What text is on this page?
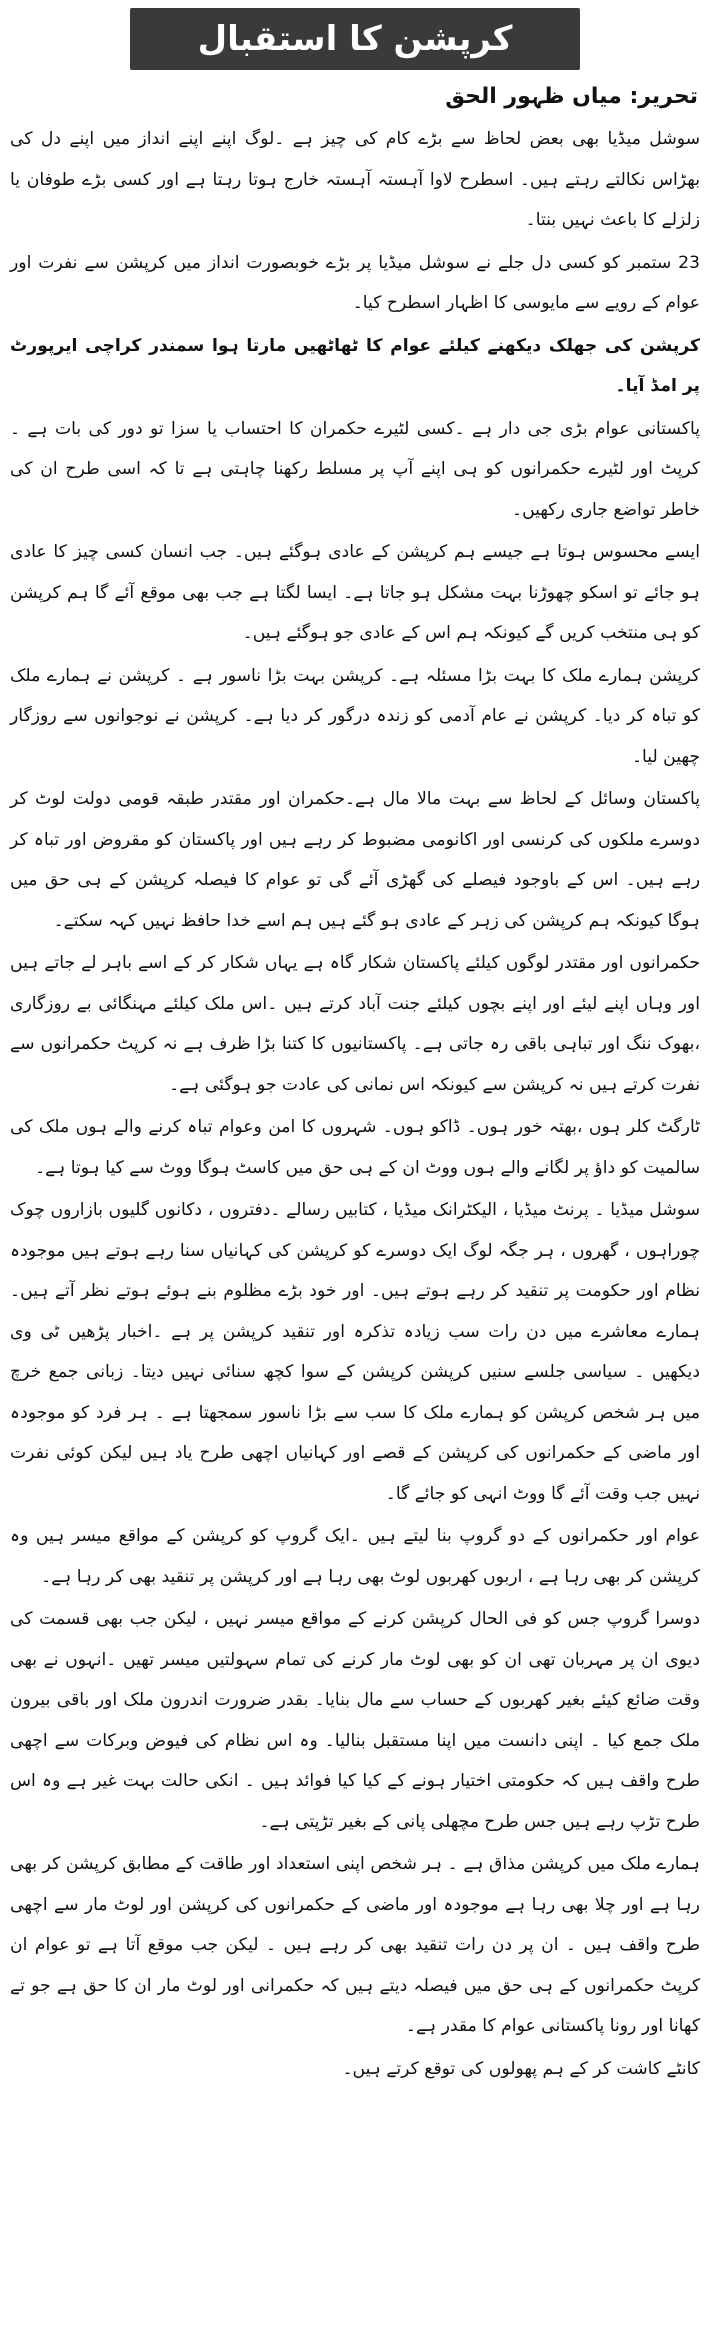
کرپشن کا استقبال
تحریر: میاں ظہور الحق

سوشل میڈیا بھی بعض لحاظ سے بڑے کام کی چیز ہے ۔لوگ اپنے اپنے انداز میں اپنے دل کی بھڑاس نکالتے رہتے ہیں۔ اسطرح لاوا آہستہ آہستہ خارج ہوتا رہتا ہے اور کسی بڑے طوفان یا زلزلے کا باعث نہیں بنتا۔

23 ستمبر کو کسی دل جلے نے سوشل میڈیا پر بڑے خوبصورت انداز میں کرپشن سے نفرت اور عوام کے رویے سے مایوسی کا اظہار اسطرح کیا۔

کرپشن کی جھلک دیکھنے کیلئے عوام کا ٹھاٹھیں مارتا ہوا سمندر کراچی ایرپورٹ پر امڈ آیا۔

پاکستانی عوام بڑی جی دار ہے ۔کسی لٹیرے حکمران کا احتساب یا سزا تو دور کی بات ہے ۔کرپٹ اور لٹیرے حکمرانوں کو ہی اپنے آپ پر مسلط رکھنا چاہتی ہے تا کہ اسی طرح ان کی خاطر تواضع جاری رکھیں۔

ایسے محسوس ہوتا ہے جیسے ہم کرپشن کے عادی ہوگئے ہیں۔ جب انسان کسی چیز کا عادی ہو جائے تو اسکو چھوڑنا بہت مشکل ہو جاتا ہے۔ ایسا لگتا ہے جب بھی موقع آئے گا ہم کرپشن کو ہی منتخب کریں گے کیونکہ ہم اس کے عادی جو ہوگئے ہیں۔

کرپشن ہمارے ملک کا بہت بڑا مسئلہ ہے۔ کرپشن بہت بڑا ناسور ہے ۔ کرپشن نے ہمارے ملک کو تباہ کر دیا۔ کرپشن نے عام آدمی کو زندہ درگور کر دیا ہے۔ کرپشن نے نوجوانوں سے روزگار چھین لیا۔

پاکستان وسائل کے لحاظ سے بہت مالا مال ہے۔حکمران اور مقتدر طبقہ قومی دولت لوٹ کر دوسرے ملکوں کی کرنسی اور اکانومی مضبوط کر رہے ہیں اور پاکستان کو مقروض اور تباہ کر رہے ہیں۔ اس کے باوجود فیصلے کی گھڑی آئے گی تو عوام کا فیصلہ کرپشن کے ہی حق میں ہوگا کیونکہ ہم کرپشن کی زہر کے عادی ہو گئے ہیں ہم اسے خدا حافظ نہیں کہہ سکتے۔

حکمرانوں اور مقتدر لوگوں کیلئے پاکستان شکار گاہ ہے یہاں شکار کر کے اسے باہر لے جاتے ہیں اور وہاں اپنے لیئے اور اپنے بچوں کیلئے جنت آباد کرتے ہیں ۔اس ملک کیلئے مہنگائی بے روزگاری ،بھوک ننگ اور تباہی باقی رہ جاتی ہے۔ پاکستانیوں کا کتنا بڑا ظرف ہے نہ کرپٹ حکمرانوں سے نفرت کرتے ہیں نہ کرپشن سے کیونکہ اس نمانی کی عادت جو ہوگئی ہے۔

ٹارگٹ کلر ہوں ،بھتہ خور ہوں۔ ڈاکو ہوں۔ شہروں کا امن وعوام تباہ کرنے والے ہوں ملک کی سالمیت کو داؤ پر لگانے والے ہوں ووٹ ان کے ہی حق میں کاسٹ ہوگا ووٹ سے کیا ہوتا ہے۔

سوشل میڈیا ۔ پرنٹ میڈیا ، الیکٹرانک میڈیا ، کتابیں رسالے ۔دفتروں ، دکانوں گلیوں بازاروں چوک چوراہوں ، گھروں ، ہر جگہ لوگ ایک دوسرے کو کرپشن کی کہانیاں سنا رہے ہوتے ہیں موجودہ نظام اور حکومت پر تنقید کر رہے ہوتے ہیں۔ اور خود بڑے مظلوم بنے ہوئے ہوتے نظر آتے ہیں۔ ہمارے معاشرے میں دن رات سب زیادہ تذکرہ اور تنقید کرپشن پر ہے ۔اخبار پڑھیں ٹی وی دیکھیں ۔ سیاسی جلسے سنیں کرپشن کرپشن کے سوا کچھ سنائی نہیں دیتا۔ زبانی جمع خرچ میں ہر شخص کرپشن کو ہمارے ملک کا سب سے بڑا ناسور سمجھتا ہے ۔ ہر فرد کو موجودہ اور ماضی کے حکمرانوں کی کرپشن کے قصے اور کہانیاں اچھی طرح یاد ہیں لیکن کوئی نفرت نہیں جب وقت آئے گا ووٹ انہی کو جائے گا۔

عوام اور حکمرانوں کے دو گروپ بنا لیتے ہیں ۔ایک گروپ کو کرپشن کے مواقع میسر ہیں وہ کرپشن کر بھی رہا ہے ، اربوں کھربوں لوٹ بھی رہا ہے اور کرپشن پر تنقید بھی کر رہا ہے۔

دوسرا گروپ جس کو فی الحال کرپشن کرنے کے مواقع میسر نہیں ، لیکن جب بھی قسمت کی دیوی ان پر مہربان تھی ان کو بھی لوٹ مار کرنے کی تمام سہولتیں میسر تھیں ۔انہوں نے بھی وقت ضائع کیئے بغیر کھربوں کے حساب سے مال بنایا۔ بقدر ضرورت اندرون ملک اور باقی بیرون ملک جمع کیا ۔ اپنی دانست میں اپنا مستقبل بنالیا۔ وہ اس نظام کی فیوض وبرکات سے اچھی طرح واقف ہیں کہ حکومتی اختیار ہونے کے کیا کیا فوائد ہیں ۔ انکی حالت بہت غیر ہے وہ اس طرح تڑپ رہے ہیں جس طرح مچھلی پانی کے بغیر تڑپتی ہے۔

ہمارے ملک میں کرپشن مذاق ہے ۔ ہر شخص اپنی استعداد اور طاقت کے مطابق کرپشن کر بھی رہا ہے اور چلا بھی رہا ہے موجودہ اور ماضی کے حکمرانوں کی کرپشن اور لوٹ مار سے اچھی طرح واقف ہیں ۔ ان پر دن رات تنقید بھی کر رہے ہیں ۔ لیکن جب موقع آتا ہے تو عوام ان کرپٹ حکمرانوں کے ہی حق میں فیصلہ دیتے ہیں کہ حکمرانی اور لوٹ مار ان کا حق ہے جو تے کھانا اور رونا پاکستانی عوام کا مقدر ہے۔

کانٹے کاشت کر کے ہم پھولوں کی توقع کرتے ہیں۔
